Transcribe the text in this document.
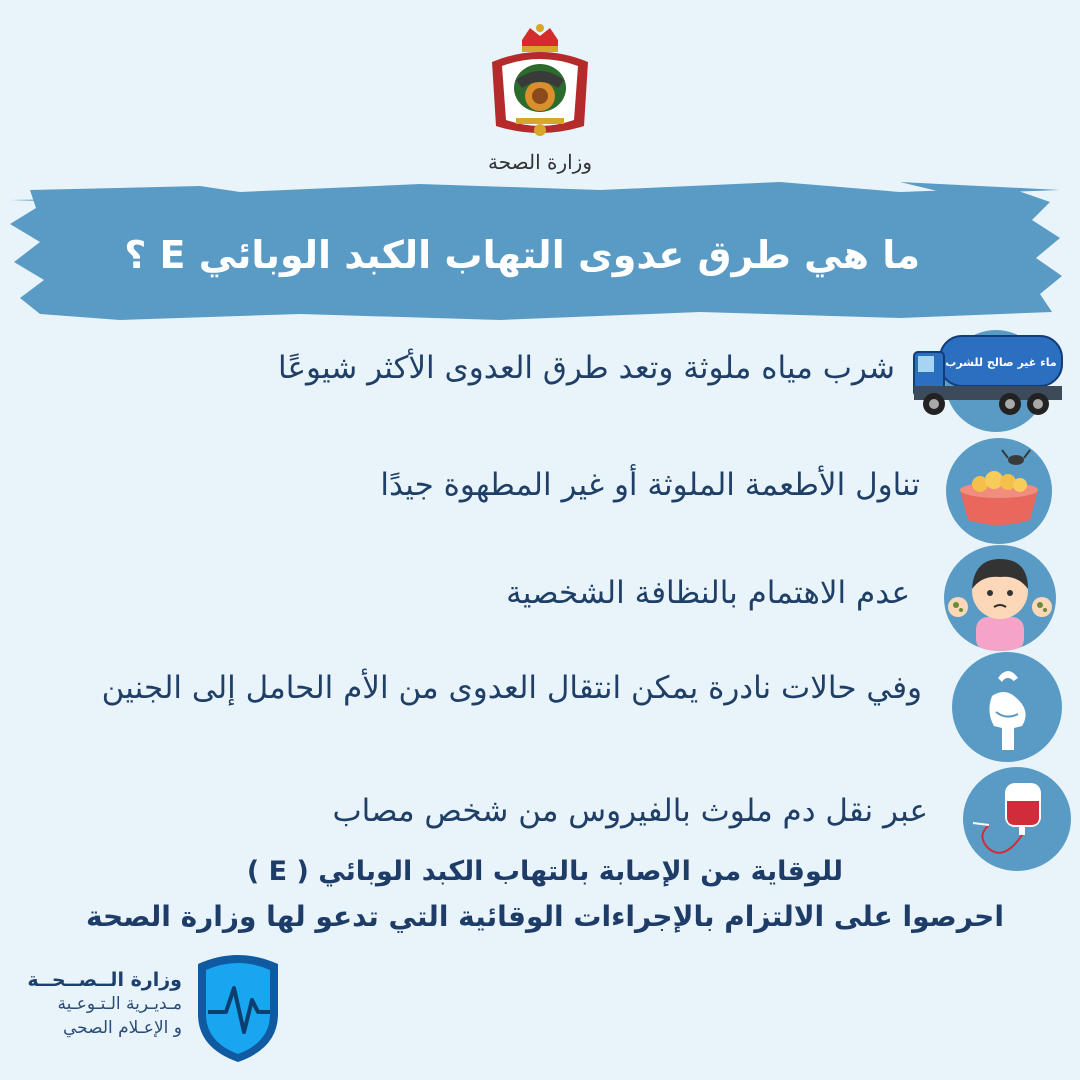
وزارة الصحة
ما هي طرق عدوى التهاب الكبد الوبائي E ؟
ماء غير صالح للشرب
شرب مياه ملوثة وتعد طرق العدوى الأكثر شيوعًا
تناول الأطعمة الملوثة أو غير المطهوة جيدًا
عدم الاهتمام بالنظافة الشخصية
وفي حالات نادرة يمكن انتقال العدوى من الأم الحامل إلى الجنين
عبر نقل دم ملوث بالفيروس من شخص مصاب
للوقاية من الإصابة بالتهاب الكبد الوبائي ( E )
احرصوا على الالتزام بالإجراءات الوقائية التي تدعو لها وزارة الصحة
وزارة الــصــحــة
مـديـرية الـتـوعـية
و الإعـلام الصحي
